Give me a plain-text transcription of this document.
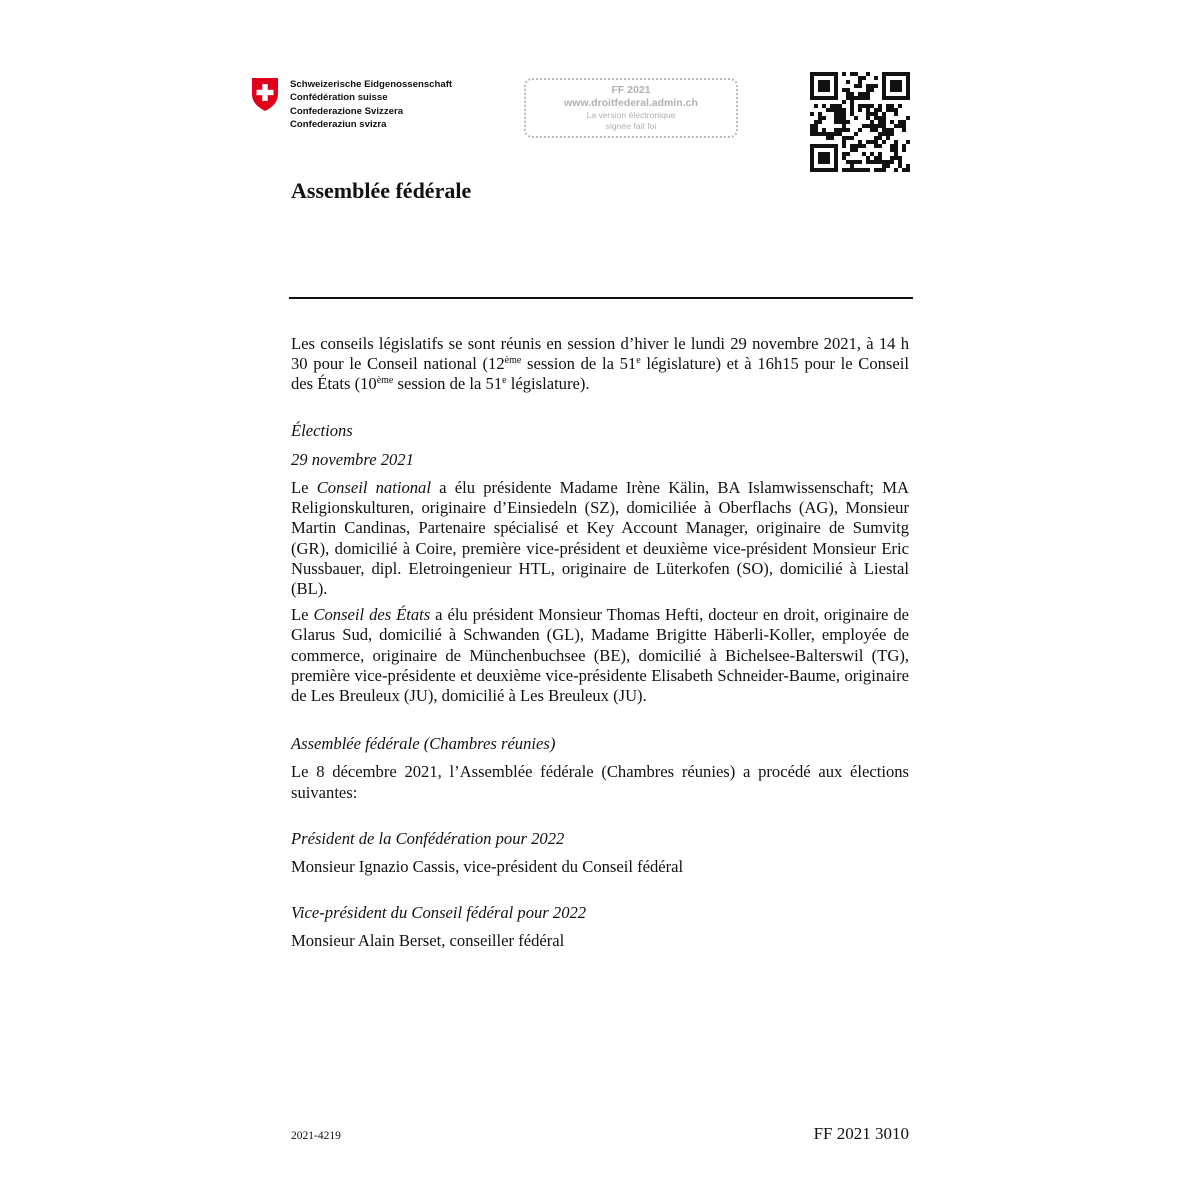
Schweizerische Eidgenossenschaft
Confédération suisse
Confederazione Svizzera
Confederaziun svizra
FF 2021
www.droitfederal.admin.ch
La version électronique
signée fait foi
Assemblée fédérale

Les conseils législatifs se sont réunis en session d’hiver le lundi 29 novembre 2021, à 14 h 30 pour le Conseil national (12ème session de la 51e législature) et à 16h15 pour le Conseil des États (10ème session de la 51e législature).

Élections

29 novembre 2021

Le Conseil national a élu présidente Madame Irène Kälin, BA Islamwissenschaft; MA Religionskulturen, originaire d’Einsiedeln (SZ), domiciliée à Oberflachs (AG), Monsieur Martin Candinas, Partenaire spécialisé et Key Account Manager, originaire de Sumvitg (GR), domicilié à Coire, première vice-président et deuxième vice-président Monsieur Eric Nussbauer, dipl. Eletroingenieur HTL, originaire de Lüterkofen (SO), domicilié à Liestal (BL).

Le Conseil des États a élu président Monsieur Thomas Hefti, docteur en droit, originaire de Glarus Sud, domicilié à Schwanden (GL), Madame Brigitte Häberli-Koller, employée de commerce, originaire de Münchenbuchsee (BE), domicilié à Bichelsee-Balterswil (TG), première vice-présidente et deuxième vice-présidente Elisabeth Schneider-Baume, originaire de Les Breuleux (JU), domicilié à Les Breuleux (JU).

Assemblée fédérale (Chambres réunies)

Le 8 décembre 2021, l’Assemblée fédérale (Chambres réunies) a procédé aux élections suivantes:

Président de la Confédération pour 2022

Monsieur Ignazio Cassis, vice-président du Conseil fédéral

Vice-président du Conseil fédéral pour 2022

Monsieur Alain Berset, conseiller fédéral

2021-4219	FF 2021 3010
